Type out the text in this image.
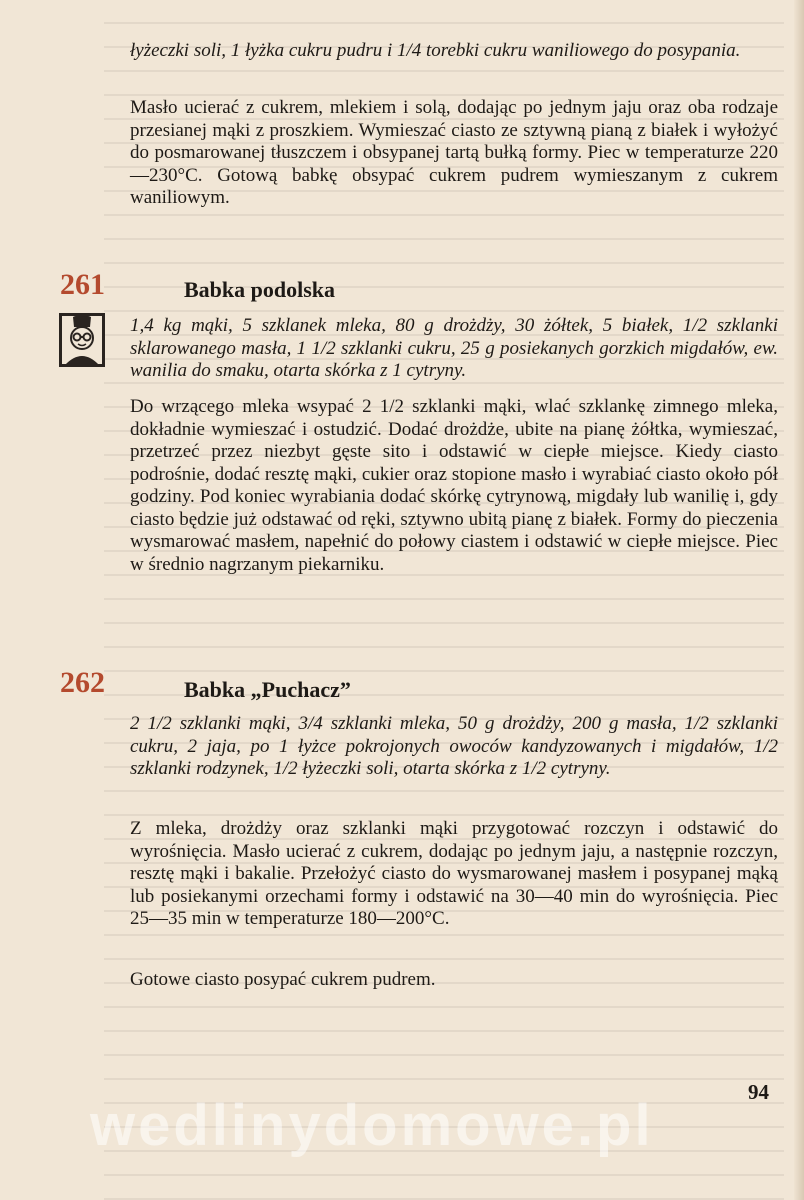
łyżeczki soli, 1 łyżka cukru pudru i 1/4 torebki cukru waniliowego do posypania.

Masło ucierać z cukrem, mlekiem i solą, dodając po jednym jaju oraz oba rodzaje przesianej mąki z proszkiem. Wymieszać ciasto ze sztywną pianą z białek i wyłożyć do posmarowanej tłuszczem i obsypanej tartą bułką formy. Piec w temperaturze 220—230°C. Gotową babkę obsypać cukrem pudrem wymieszanym z cukrem waniliowym.

261	Babka podolska

1,4 kg mąki, 5 szklanek mleka, 80 g drożdży, 30 żółtek, 5 białek, 1/2 szklanki sklarowanego masła, 1 1/2 szklanki cukru, 25 g posiekanych gorzkich migdałów, ew. wanilia do smaku, otarta skórka z 1 cytryny.

Do wrzącego mleka wsypać 2 1/2 szklanki mąki, wlać szklankę zimnego mleka, dokładnie wymieszać i ostudzić. Dodać drożdże, ubite na pianę żółtka, wymieszać, przetrzeć przez niezbyt gęste sito i odstawić w ciepłe miejsce. Kiedy ciasto podrośnie, dodać resztę mąki, cukier oraz stopione masło i wyrabiać ciasto około pół godziny. Pod koniec wyrabiania dodać skórkę cytrynową, migdały lub wanilię i, gdy ciasto będzie już odstawać od ręki, sztywno ubitą pianę z białek. Formy do pieczenia wysmarować masłem, napełnić do połowy ciastem i odstawić w ciepłe miejsce. Piec w średnio nagrzanym piekarniku.

262	Babka „Puchacz”

2 1/2 szklanki mąki, 3/4 szklanki mleka, 50 g drożdży, 200 g masła, 1/2 szklanki cukru, 2 jaja, po 1 łyżce pokrojonych owoców kandyzowanych i migdałów, 1/2 szklanki rodzynek, 1/2 łyżeczki soli, otarta skórka z 1/2 cytryny.

Z mleka, drożdży oraz szklanki mąki przygotować rozczyn i odstawić do wyrośnięcia. Masło ucierać z cukrem, dodając po jednym jaju, a następnie rozczyn, resztę mąki i bakalie. Przełożyć ciasto do wysmarowanej masłem i posypanej mąką lub posiekanymi orzechami formy i odstawić na 30—40 min do wyrośnięcia. Piec 25—35 min w temperaturze 180—200°C.

Gotowe ciasto posypać cukrem pudrem.

94

wedlinydomowe.pl
